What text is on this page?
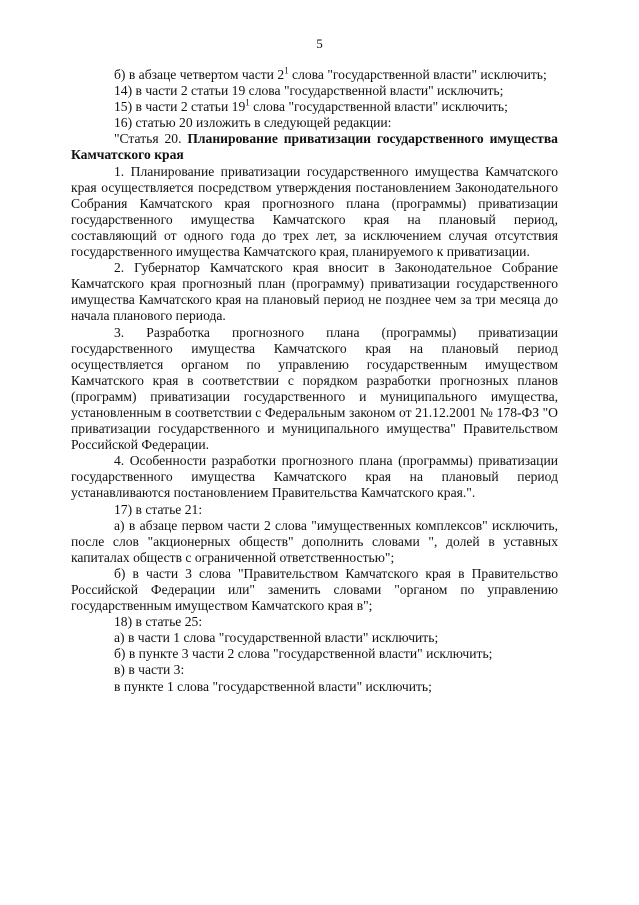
5

б) в абзаце четвертом части $2^1$ слова "государственной власти" исключить;

14) в части 2 статьи 19 слова "государственной власти" исключить;

15) в части 2 статьи $19^1$ слова "государственной власти" исключить;

16) статью 20 изложить в следующей редакции:

"Статья 20. Планирование приватизации государственного имущества Камчатского края

1. Планирование приватизации государственного имущества Камчатского края осуществляется посредством утверждения постановлением Законодательного Собрания Камчатского края прогнозного плана (программы) приватизации государственного имущества Камчатского края на плановый период, составляющий от одного года до трех лет, за исключением случая отсутствия государственного имущества Камчатского края, планируемого к приватизации.

2. Губернатор Камчатского края вносит в Законодательное Собрание Камчатского края прогнозный план (программу) приватизации государственного имущества Камчатского края на плановый период не позднее чем за три месяца до начала планового периода.

3. Разработка прогнозного плана (программы) приватизации государственного имущества Камчатского края на плановый период осуществляется органом по управлению государственным имуществом Камчатского края в соответствии с порядком разработки прогнозных планов (программ) приватизации государственного и муниципального имущества, установленным в соответствии с Федеральным законом от 21.12.2001 № 178-ФЗ "О приватизации государственного и муниципального имущества" Правительством Российской Федерации.

4. Особенности разработки прогнозного плана (программы) приватизации государственного имущества Камчатского края на плановый период устанавливаются постановлением Правительства Камчатского края.".

17) в статье 21:

а) в абзаце первом части 2 слова "имущественных комплексов" исключить, после слов "акционерных обществ" дополнить словами ", долей в уставных капиталах обществ с ограниченной ответственностью";

б) в части 3 слова "Правительством Камчатского края в Правительство Российской Федерации или" заменить словами "органом по управлению государственным имуществом Камчатского края в";

18) в статье 25:

а) в части 1 слова "государственной власти" исключить;

б) в пункте 3 части 2 слова "государственной власти" исключить;

в) в части 3:

в пункте 1 слова "государственной власти" исключить;
